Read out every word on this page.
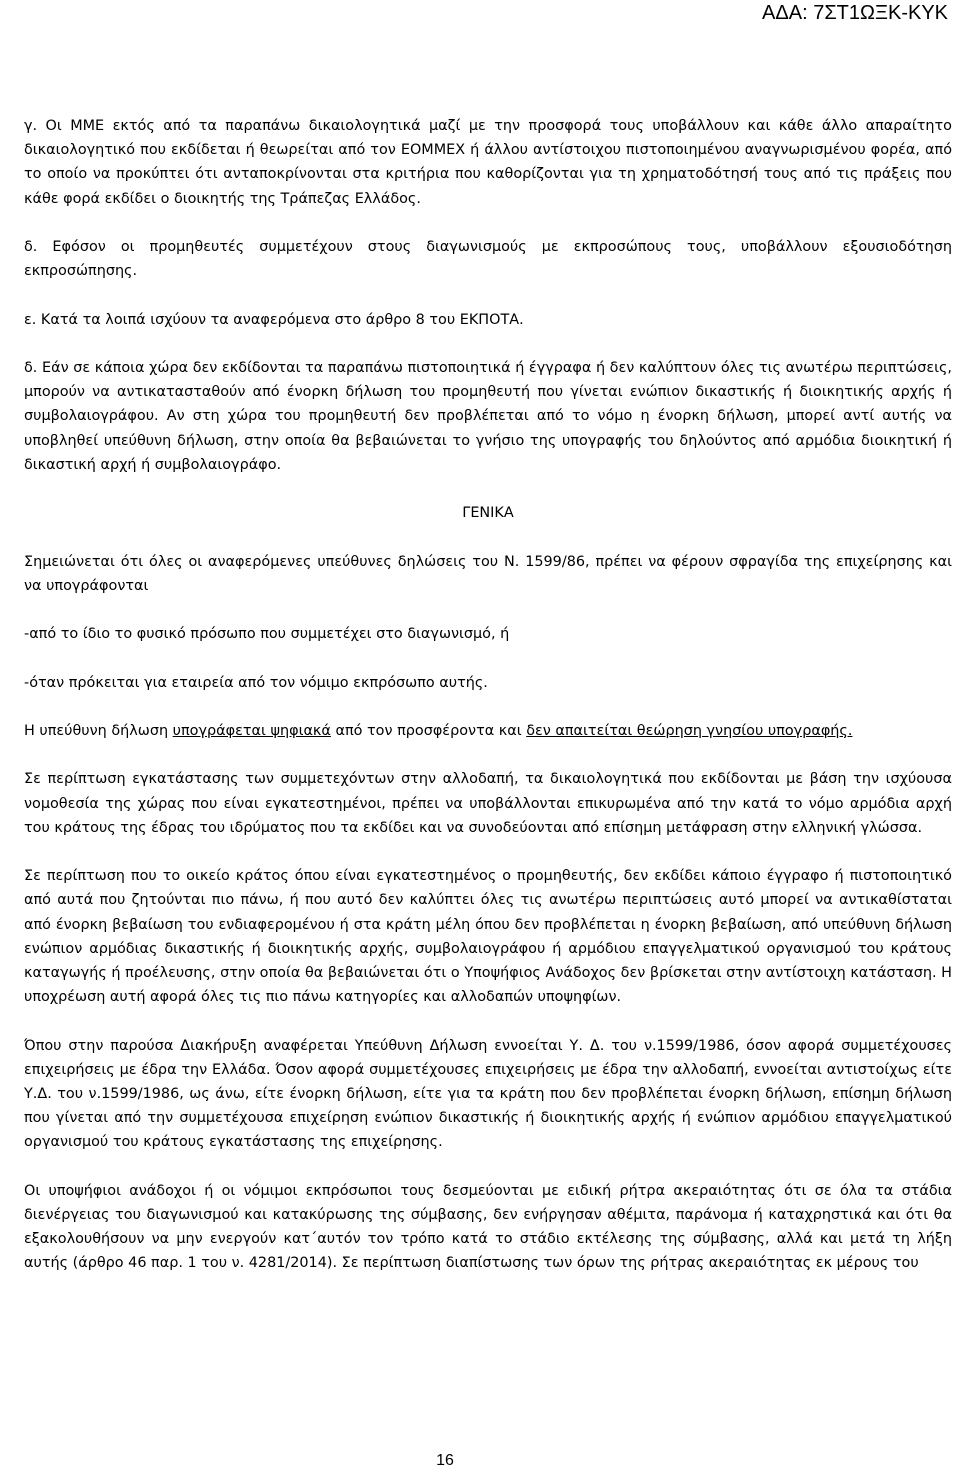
ΑΔΑ: 7ΣΤ1ΩΞΚ-ΚΥΚ

γ. Οι ΜΜΕ εκτός από τα παραπάνω δικαιολογητικά μαζί με την προσφορά τους υποβάλλουν και κάθε άλλο απαραίτητο δικαιολογητικό που εκδίδεται ή θεωρείται από τον ΕΟΜΜΕΧ ή άλλου αντίστοιχου πιστοποιημένου αναγνωρισμένου φορέα, από το οποίο να προκύπτει ότι ανταποκρίνονται στα κριτήρια που καθορίζονται για τη χρηματοδότησή τους από τις πράξεις που κάθε φορά εκδίδει ο διοικητής της Τράπεζας Ελλάδος.

δ. Εφόσον οι προμηθευτές συμμετέχουν στους διαγωνισμούς με εκπροσώπους τους, υποβάλλουν εξουσιοδότηση εκπροσώπησης.

ε. Κατά τα λοιπά ισχύουν τα αναφερόμενα στο άρθρο 8 του ΕΚΠΟΤΑ.

δ. Εάν σε κάποια χώρα δεν εκδίδονται τα παραπάνω πιστοποιητικά ή έγγραφα ή δεν καλύπτουν όλες τις ανωτέρω περιπτώσεις, μπορούν να αντικατασταθούν από ένορκη δήλωση του προμηθευτή που γίνεται ενώπιον δικαστικής ή διοικητικής αρχής ή συμβολαιογράφου. Αν στη χώρα του προμηθευτή δεν προβλέπεται από το νόμο η ένορκη δήλωση, μπορεί αντί αυτής να υποβληθεί υπεύθυνη δήλωση, στην οποία θα βεβαιώνεται το γνήσιο της υπογραφής του δηλούντος από αρμόδια διοικητική ή δικαστική αρχή ή συμβολαιογράφο.

ΓΕΝΙΚΑ

Σημειώνεται ότι όλες οι αναφερόμενες υπεύθυνες δηλώσεις του Ν. 1599/86, πρέπει να φέρουν σφραγίδα της επιχείρησης και να υπογράφονται

-από το ίδιο το φυσικό πρόσωπο που συμμετέχει στο διαγωνισμό, ή

-όταν πρόκειται για εταιρεία από τον νόμιμο εκπρόσωπο αυτής.

Η υπεύθυνη δήλωση υπογράφεται ψηφιακά από τον προσφέροντα και δεν απαιτείται θεώρηση γνησίου υπογραφής.

Σε περίπτωση εγκατάστασης των συμμετεχόντων στην αλλοδαπή, τα δικαιολογητικά που εκδίδονται με βάση την ισχύουσα νομοθεσία της χώρας που είναι εγκατεστημένοι, πρέπει να υποβάλλονται επικυρωμένα από την κατά το νόμο αρμόδια αρχή του κράτους της έδρας του ιδρύματος που τα εκδίδει και να συνοδεύονται από επίσημη μετάφραση στην ελληνική γλώσσα.

Σε περίπτωση που το οικείο κράτος όπου είναι εγκατεστημένος ο προμηθευτής, δεν εκδίδει κάποιο έγγραφο ή πιστοποιητικό από αυτά που ζητούνται πιο πάνω, ή που αυτό δεν καλύπτει όλες τις ανωτέρω περιπτώσεις αυτό μπορεί να αντικαθίσταται από ένορκη βεβαίωση του ενδιαφερομένου ή στα κράτη μέλη όπου δεν προβλέπεται η ένορκη βεβαίωση, από υπεύθυνη δήλωση ενώπιον αρμόδιας δικαστικής ή διοικητικής αρχής, συμβολαιογράφου ή αρμόδιου επαγγελματικού οργανισμού του κράτους καταγωγής ή προέλευσης, στην οποία θα βεβαιώνεται ότι ο Υποψήφιος Ανάδοχος δεν βρίσκεται στην αντίστοιχη κατάσταση. Η υποχρέωση αυτή αφορά όλες τις πιο πάνω κατηγορίες και αλλοδαπών υποψηφίων.

Όπου στην παρούσα Διακήρυξη αναφέρεται Υπεύθυνη Δήλωση εννοείται Υ. Δ. του ν.1599/1986, όσον αφορά συμμετέχουσες επιχειρήσεις με έδρα την Ελλάδα. Όσον αφορά συμμετέχουσες επιχειρήσεις με έδρα την αλλοδαπή, εννοείται αντιστοίχως είτε Υ.Δ. του ν.1599/1986, ως άνω, είτε ένορκη δήλωση, είτε για τα κράτη που δεν προβλέπεται ένορκη δήλωση, επίσημη δήλωση που γίνεται από την συμμετέχουσα επιχείρηση ενώπιον δικαστικής ή διοικητικής αρχής ή ενώπιον αρμόδιου επαγγελματικού οργανισμού του κράτους εγκατάστασης της επιχείρησης.

Οι υποψήφιοι ανάδοχοι ή οι νόμιμοι εκπρόσωποι τους δεσμεύονται με ειδική ρήτρα ακεραιότητας ότι σε όλα τα στάδια διενέργειας του διαγωνισμού και κατακύρωσης της σύμβασης, δεν ενήργησαν αθέμιτα, παράνομα ή καταχρηστικά και ότι θα εξακολουθήσουν να μην ενεργούν κατ΄αυτόν τον τρόπο κατά το στάδιο εκτέλεσης της σύμβασης, αλλά και μετά τη λήξη αυτής (άρθρο 46 παρ. 1 του ν. 4281/2014). Σε περίπτωση διαπίστωσης των όρων της ρήτρας ακεραιότητας εκ μέρους του

16
